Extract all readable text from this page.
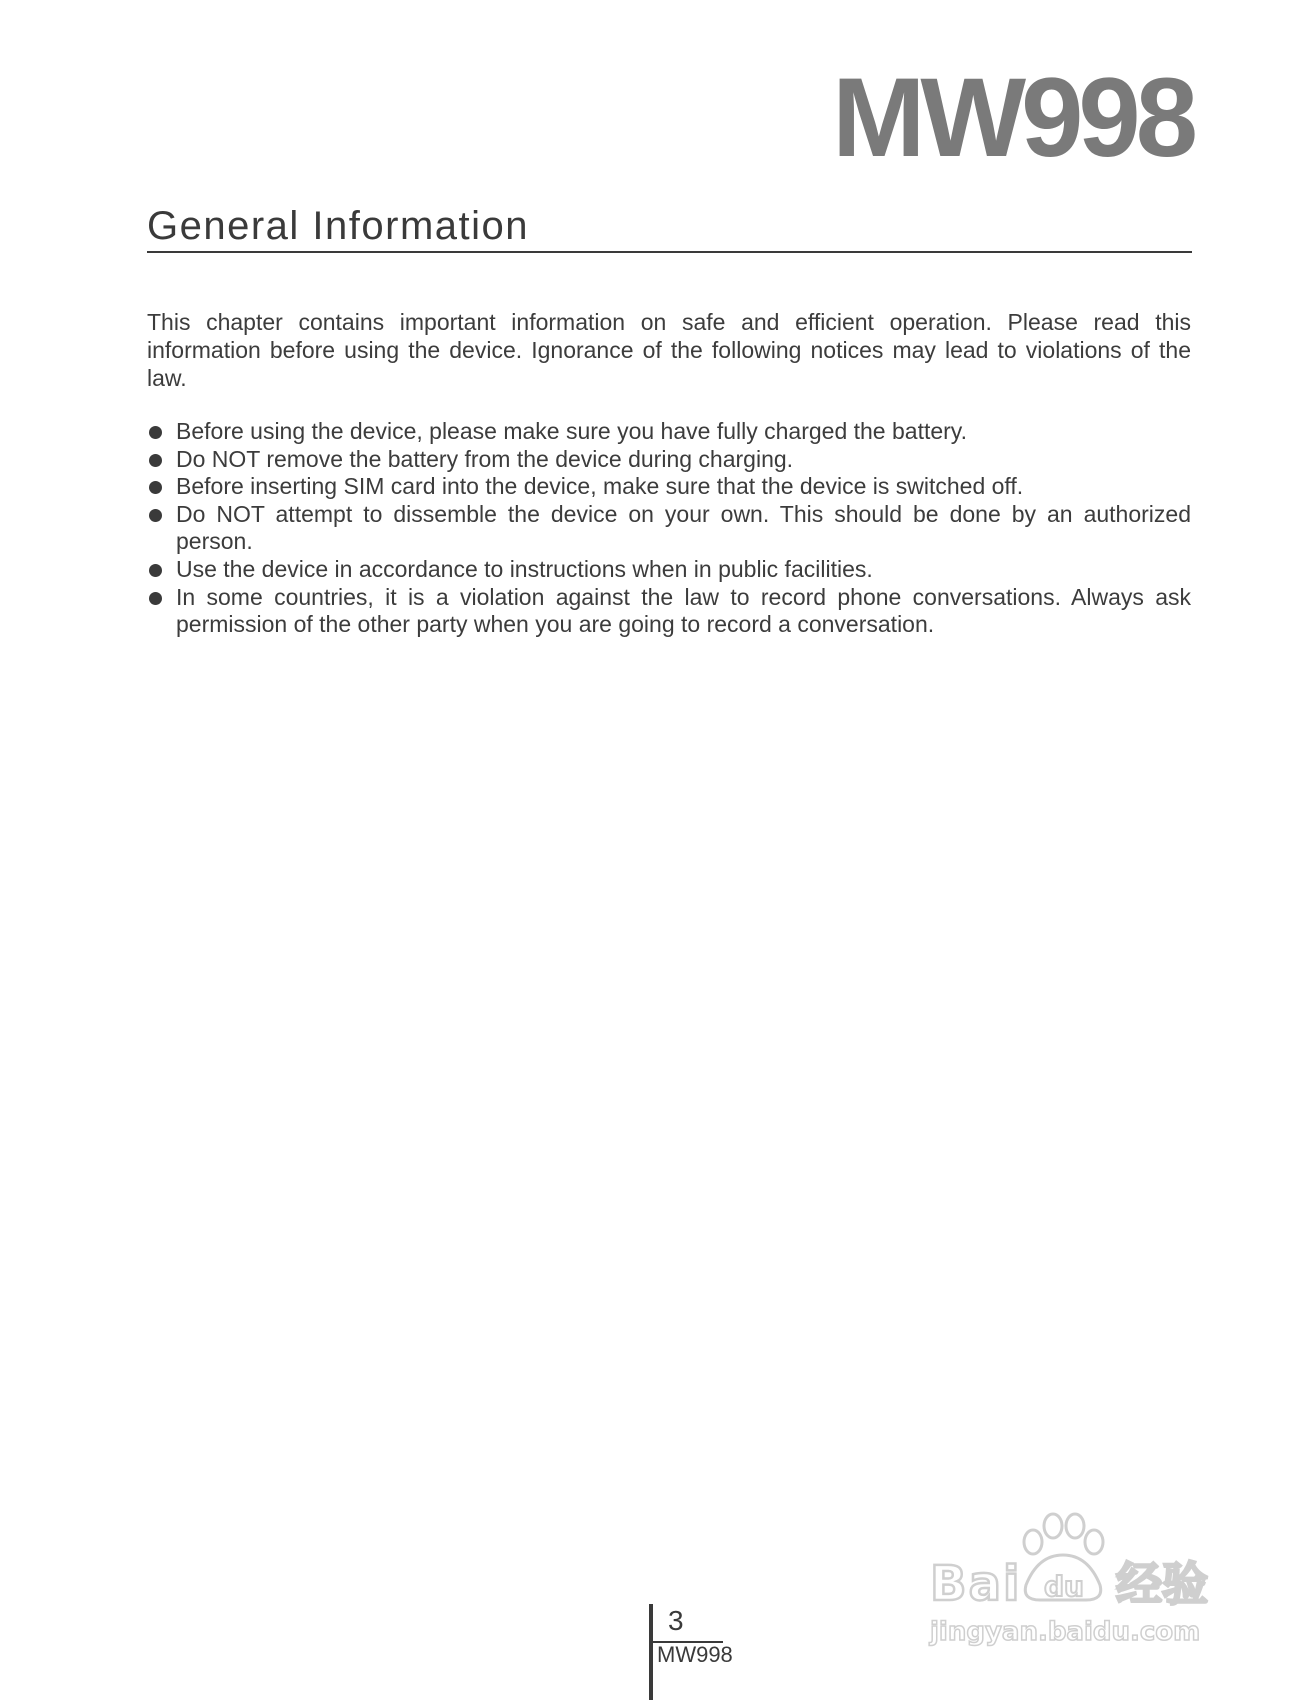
MW998
General Information

This chapter contains important information on safe and efficient operation. Please read this information before using the device. Ignorance of the following notices may lead to violations of the law.

Before using the device, please make sure you have fully charged the battery.
Do NOT remove the battery from the device during charging.
Before inserting SIM card into the device, make sure that the device is switched off.
Do NOT attempt to dissemble the device on your own. This should be done by an authorized person.
Use the device in accordance to instructions when in public facilities.
In some countries, it is a violation against the law to record phone conversations. Always ask permission of the other party when you are going to record a conversation.
3
MW998
Bai du 经验
jingyan.baidu.com
